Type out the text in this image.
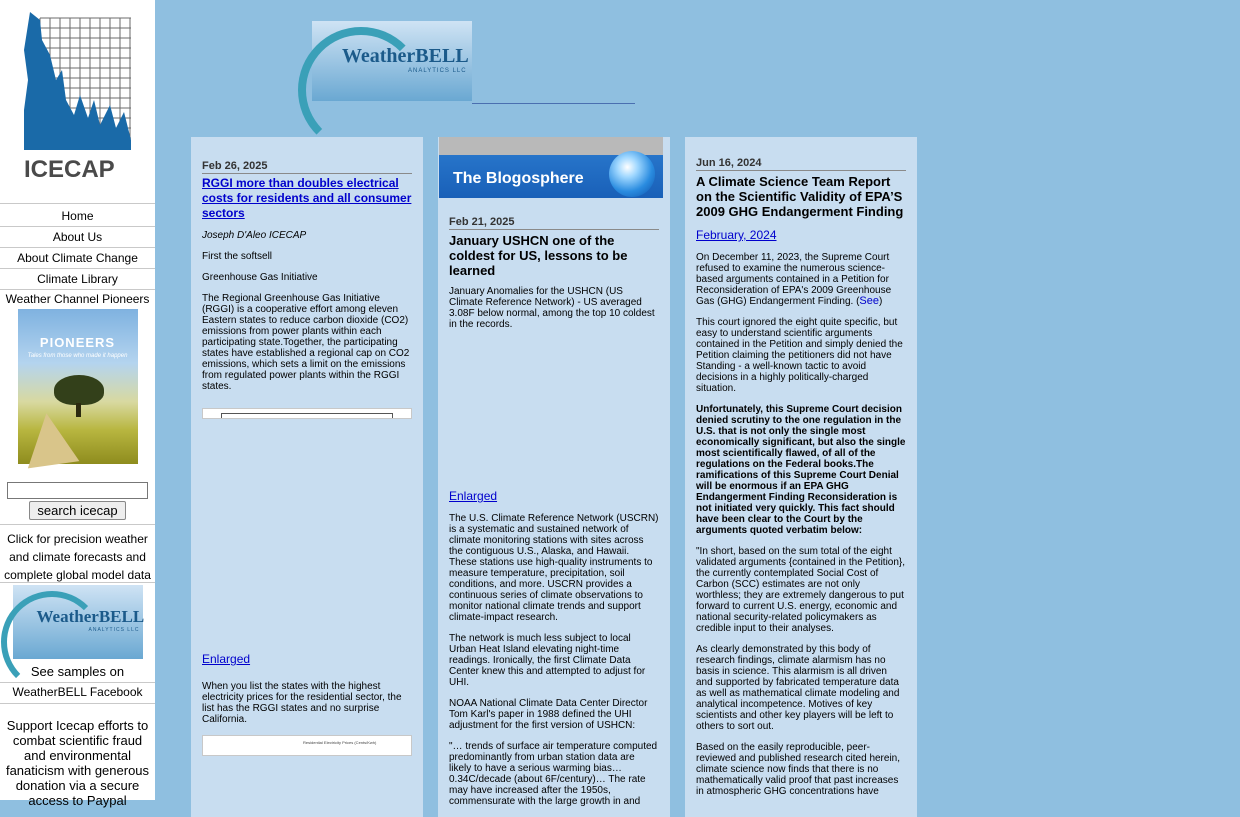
ICECAP
Home
About Us
About Climate Change
Climate Library
Weather Channel Pioneers
PIONEERS
Tales from those who made it happen

search icecap
Click for precision weather and climate forecasts and complete global model data
WeatherBELL
ANALYTICS LLC
See samples on
WeatherBELL Facebook
Support Icecap efforts to combat scientific fraud and environmental fanaticism with generous donation via a secure access to Paypal
WeatherBELL
ANALYTICS LLC
Feb 26, 2025
RGGI more than doubles electrical costs for residents and all consumer sectors
Joseph D'Aleo ICECAP
First the softsell
Greenhouse Gas Initiative
The Regional Greenhouse Gas Initiative (RGGI) is a cooperative effort among eleven Eastern states to reduce carbon dioxide (CO2) emissions from power plants within each participating state.Together, the participating states have established a regional cap on CO2 emissions, which sets a limit on the emissions from regulated power plants within the RGGI states.
Enlarged
When you list the states with the highest electricity prices for the residential sector, the list has the RGGI states and no surprise California.
Residential Electricity Prices (Cents/Kwh)
The Blogosphere
Feb 21, 2025
January USHCN one of the coldest for US, lessons to be learned
January Anomalies for the USHCN (US Climate Reference Network) - US averaged 3.08F below normal, among the top 10 coldest in the records.
Enlarged
The U.S. Climate Reference Network (USCRN) is a systematic and sustained network of climate monitoring stations with sites across the contiguous U.S., Alaska, and Hawaii. These stations use high-quality instruments to measure temperature, precipitation, soil conditions, and more. USCRN provides a continuous series of climate observations to monitor national climate trends and support climate-impact research.
The network is much less subject to local Urban Heat Island elevating night-time readings. Ironically, the first Climate Data Center knew this and attempted to adjust for UHI.
NOAA National Climate Data Center Director Tom Karl's paper in 1988 defined the UHI adjustment for the first version of USHCN:
"… trends of surface air temperature computed predominantly from urban station data are likely to have a serious warming bias… 0.34C/decade (about 6F/century)… The rate may have increased after the 1950s, commensurate with the large growth in and
Jun 16, 2024
A Climate Science Team Report on the Scientific Validity of EPA’S 2009 GHG Endangerment Finding
February, 2024
On December 11, 2023, the Supreme Court refused to examine the numerous science-based arguments contained in a Petition for Reconsideration of EPA's 2009 Greenhouse Gas (GHG) Endangerment Finding. (See)
This court ignored the eight quite specific, but easy to understand scientific arguments contained in the Petition and simply denied the Petition claiming the petitioners did not have Standing - a well-known tactic to avoid decisions in a highly politically-charged situation.
Unfortunately, this Supreme Court decision denied scrutiny to the one regulation in the U.S. that is not only the single most economically significant, but also the single most scientifically flawed, of all of the regulations on the Federal books.The ramifications of this Supreme Court Denial will be enormous if an EPA GHG Endangerment Finding Reconsideration is not initiated very quickly. This fact should have been clear to the Court by the arguments quoted verbatim below:
"In short, based on the sum total of the eight validated arguments {contained in the Petition}, the currently contemplated Social Cost of Carbon (SCC) estimates are not only worthless; they are extremely dangerous to put forward to current U.S. energy, economic and national security-related policymakers as credible input to their analyses.
As clearly demonstrated by this body of research findings, climate alarmism has no basis in science. This alarmism is all driven and supported by fabricated temperature data as well as mathematical climate modeling and analytical incompetence. Motives of key scientists and other key players will be left to others to sort out.
Based on the easily reproducible, peer-reviewed and published research cited herein, climate science now finds that there is no mathematically valid proof that past increases in atmospheric GHG concentrations have
